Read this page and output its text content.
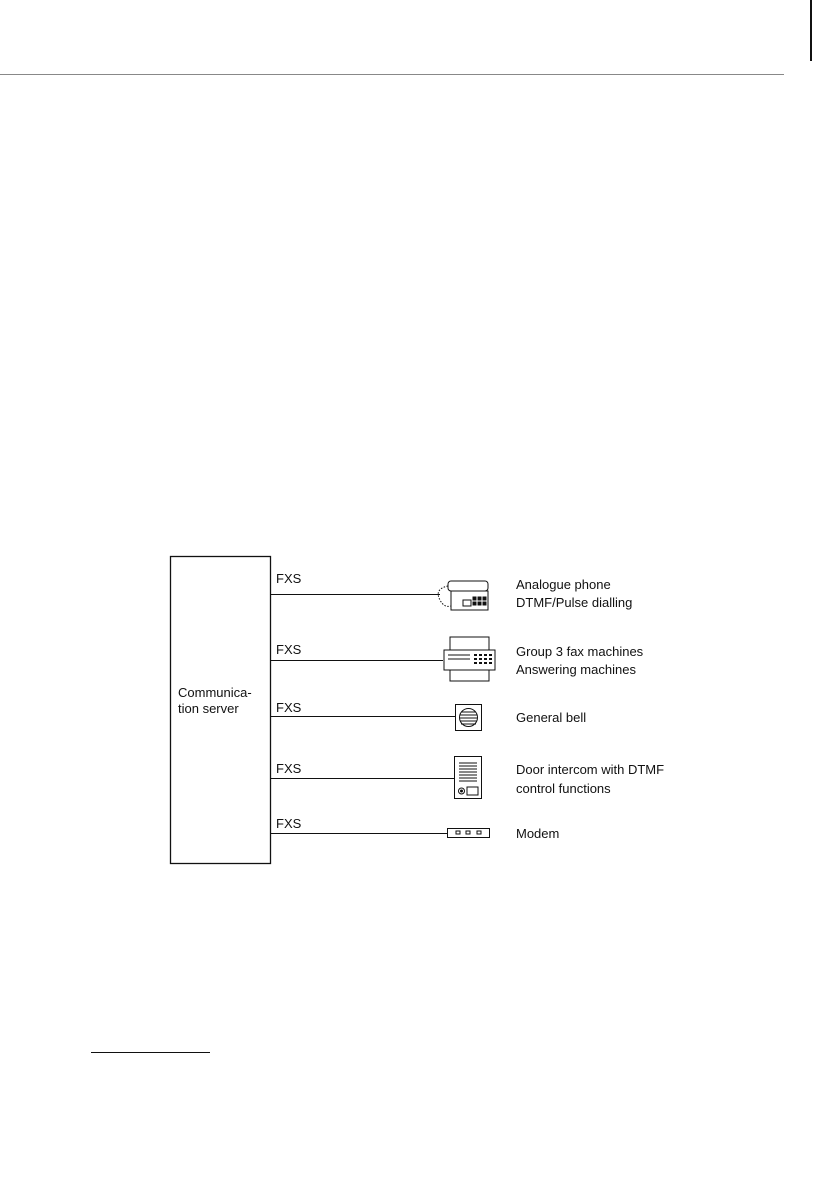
Communica-
tion server
FXS	Analogue phone
DTMF/Pulse dialling
FXS	Group 3 fax machines
Answering machines
FXS
General bell
FXS	Door intercom with DTMF
control functions
FXS
Modem
